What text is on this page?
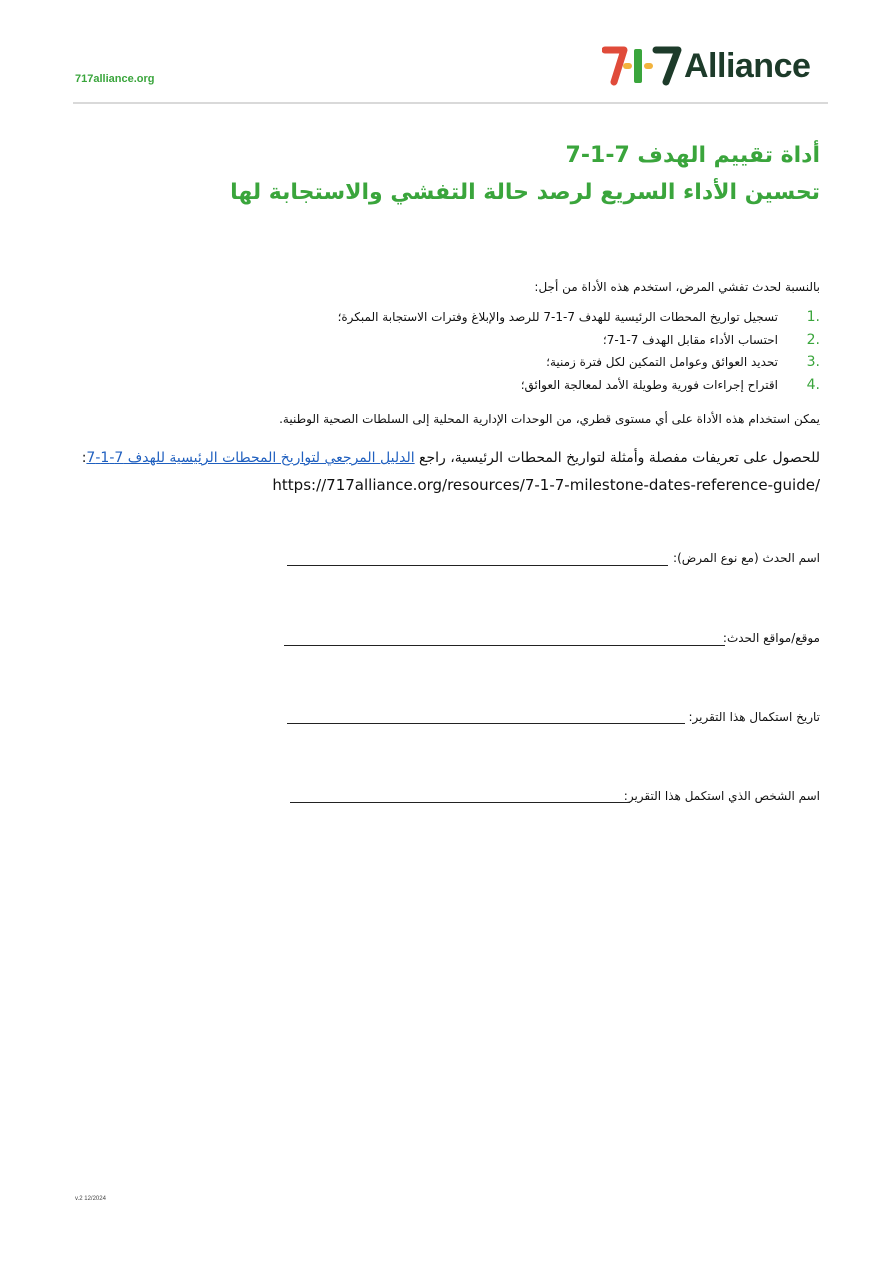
717alliance.org	Alliance
أداة تقييم الهدف 7-1-7
تحسين الأداء السريع لرصد حالة التفشي والاستجابة لها
بالنسبة لحدث تفشي المرض، استخدم هذه الأداة من أجل:
1.
تسجيل تواريخ المحطات الرئيسية للهدف 7-1-7 للرصد والإبلاغ وفترات الاستجابة المبكرة؛
2.
احتساب الأداء مقابل الهدف 7-1-7؛
3.
تحديد العوائق وعوامل التمكين لكل فترة زمنية؛
4.
اقتراح إجراءات فورية وطويلة الأمد لمعالجة العوائق؛
يمكن استخدام هذه الأداة على أي مستوى قطري، من الوحدات الإدارية المحلية إلى السلطات الصحية الوطنية.
للحصول على تعريفات مفصلة وأمثلة لتواريخ المحطات الرئيسية، راجع الدليل المرجعي لتواريخ المحطات الرئيسية للهدف 7-1-7:
https://717alliance.org/resources/7-1-7-milestone-dates-reference-guide/
اسم الحدث (مع نوع المرض):
موقع/مواقع الحدث:
تاريخ استكمال هذا التقرير:
اسم الشخص الذي استكمل هذا التقرير:
v.2 12/2024
